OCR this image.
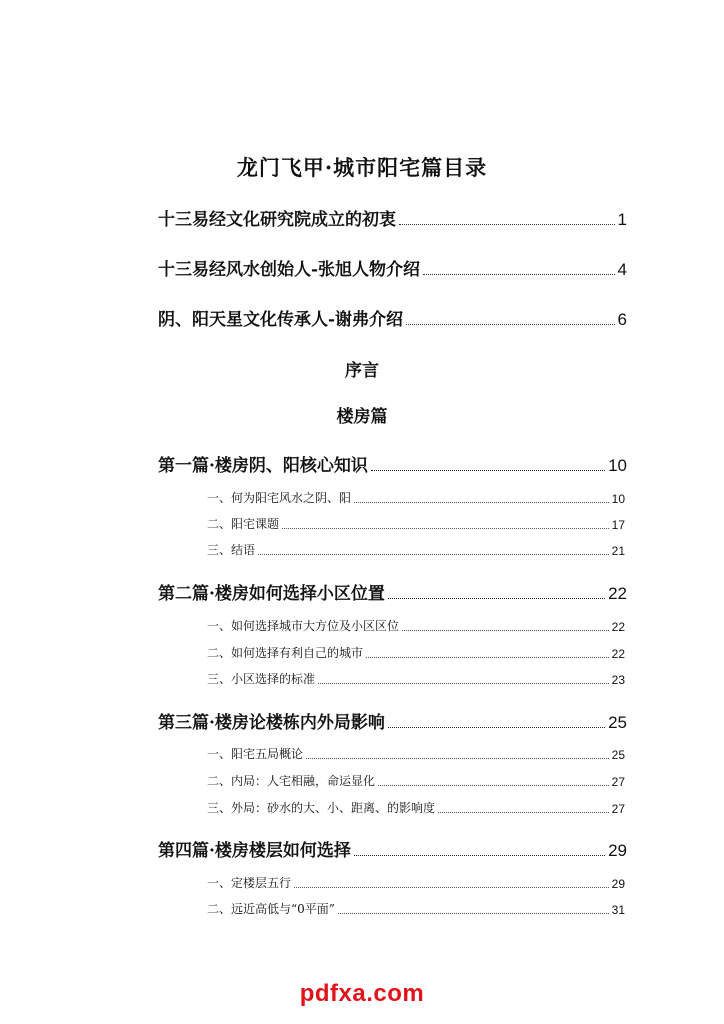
龙门飞甲·城市阳宅篇目录
十三易经文化研究院成立的初衷	1
十三易经风水创始人-张旭人物介绍	4
阴、阳天星文化传承人-谢弗介绍	6
序言
楼房篇
第一篇·楼房阴、阳核心知识	10
一、何为阳宅风水之阴、阳	10
二、阳宅课题	17
三、结语	21
第二篇·楼房如何选择小区位置	22
一、如何选择城市大方位及小区区位	22
二、如何选择有利自己的城市	22
三、小区选择的标准	23
第三篇·楼房论楼栋内外局影响	25
一、阳宅五局概论	25
二、内局：人宅相融，命运显化	27
三、外局：砂水的大、小、距离、的影响度	27
第四篇·楼房楼层如何选择	29
一、定楼层五行	29
二、远近高低与“0平面”	31
pdfxa.com
